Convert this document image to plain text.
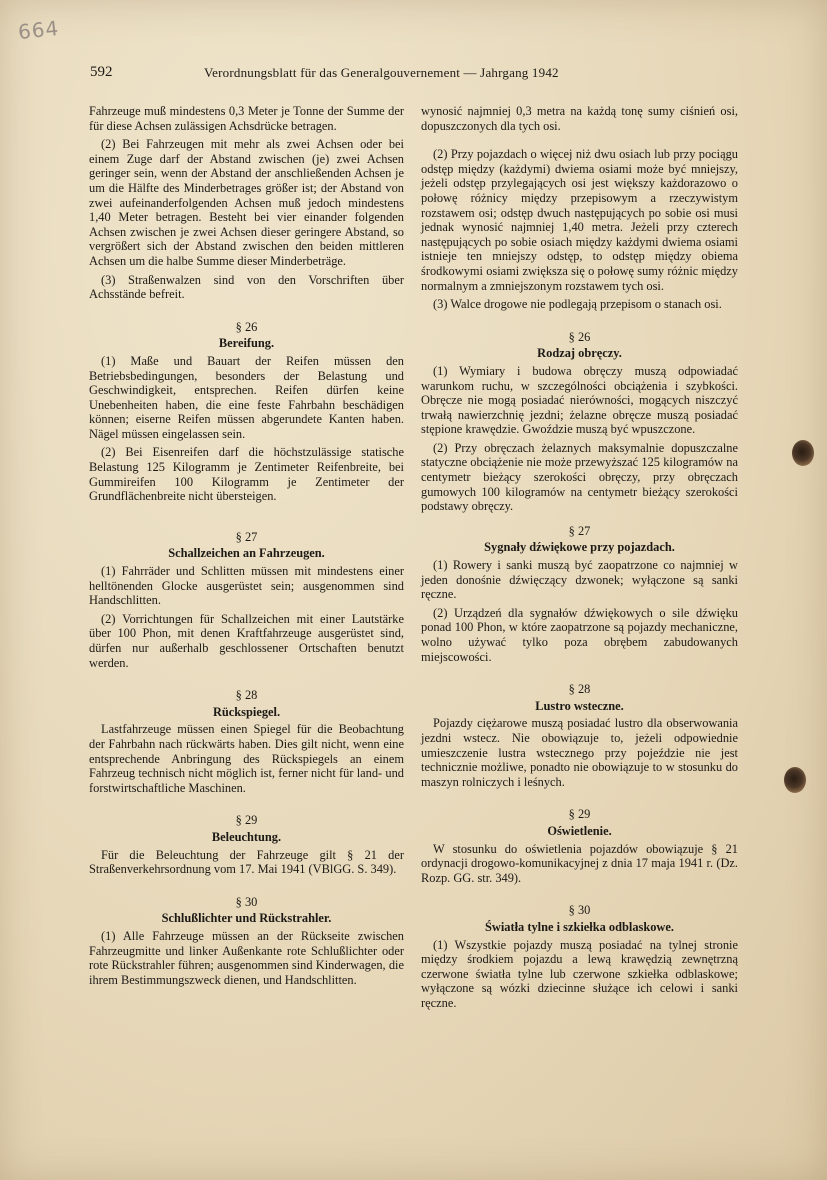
664
592	Verordnungsblatt für das Generalgouvernement — Jahrgang 1942

Fahrzeuge muß mindestens 0,3 Meter je Tonne der Summe der für diese Achsen zulässigen Achsdrücke betragen.

(2) Bei Fahrzeugen mit mehr als zwei Achsen oder bei einem Zuge darf der Abstand zwischen (je) zwei Achsen geringer sein, wenn der Abstand der anschließenden Achsen je um die Hälfte des Minderbetrages größer ist; der Abstand von zwei aufeinanderfolgenden Achsen muß jedoch mindestens 1,40 Meter betragen. Besteht bei vier einander folgenden Achsen zwischen je zwei Achsen dieser geringere Abstand, so vergrößert sich der Abstand zwischen den beiden mittleren Achsen um die halbe Summe dieser Minderbeträge.

(3) Straßenwalzen sind von den Vorschriften über Achsstände befreit.

§ 26
Bereifung.

(1) Maße und Bauart der Reifen müssen den Betriebsbedingungen, besonders der Belastung und Geschwindigkeit, entsprechen. Reifen dürfen keine Unebenheiten haben, die eine feste Fahrbahn beschädigen können; eiserne Reifen müssen abgerundete Kanten haben. Nägel müssen eingelassen sein.

(2) Bei Eisenreifen darf die höchstzulässige statische Belastung 125 Kilogramm je Zentimeter Reifenbreite, bei Gummireifen 100 Kilogramm je Zentimeter der Grundflächenbreite nicht übersteigen.

§ 27
Schallzeichen an Fahrzeugen.

(1) Fahrräder und Schlitten müssen mit mindestens einer helltönenden Glocke ausgerüstet sein; ausgenommen sind Handschlitten.

(2) Vorrichtungen für Schallzeichen mit einer Lautstärke über 100 Phon, mit denen Kraftfahrzeuge ausgerüstet sind, dürfen nur außerhalb geschlossener Ortschaften benutzt werden.

§ 28
Rückspiegel.

Lastfahrzeuge müssen einen Spiegel für die Beobachtung der Fahrbahn nach rückwärts haben. Dies gilt nicht, wenn eine entsprechende Anbringung des Rückspiegels an einem Fahrzeug technisch nicht möglich ist, ferner nicht für land- und forstwirtschaftliche Maschinen.

§ 29
Beleuchtung.

Für die Beleuchtung der Fahrzeuge gilt § 21 der Straßenverkehrsordnung vom 17. Mai 1941 (VBlGG. S. 349).

§ 30
Schlußlichter und Rückstrahler.

(1) Alle Fahrzeuge müssen an der Rückseite zwischen Fahrzeugmitte und linker Außenkante rote Schlußlichter oder rote Rückstrahler führen; ausgenommen sind Kinderwagen, die ihrem Bestimmungszweck dienen, und Handschlitten.

wynosić najmniej 0,3 metra na każdą tonę sumy ciśnień osi, dopuszczonych dla tych osi.

(2) Przy pojazdach o więcej niż dwu osiach lub przy pociągu odstęp między (każdymi) dwiema osiami może być mniejszy, jeżeli odstęp przylegających osi jest większy każdorazowo o połowę różnicy między przepisowym a rzeczywistym rozstawem osi; odstęp dwuch następujących po sobie osi musi jednak wynosić najmniej 1,40 metra. Jeżeli przy czterech następujących po sobie osiach między każdymi dwiema osiami istnieje ten mniejszy odstęp, to odstęp między obiema środkowymi osiami zwiększa się o połowę sumy różnic między normalnym a zmniejszonym rozstawem tych osi.

(3) Walce drogowe nie podlegają przepisom o stanach osi.

§ 26
Rodzaj obręczy.

(1) Wymiary i budowa obręczy muszą odpowiadać warunkom ruchu, w szczególności obciążenia i szybkości. Obręcze nie mogą posiadać nierówności, mogących niszczyć trwałą nawierzchnię jezdni; żelazne obręcze muszą posiadać stępione krawędzie. Gwoździe muszą być wpuszczone.

(2) Przy obręczach żelaznych maksymalnie dopuszczalne statyczne obciążenie nie może przewyższać 125 kilogramów na centymetr bieżący szerokości obręczy, przy obręczach gumowych 100 kilogramów na centymetr bieżący szerokości podstawy obręczy.

§ 27
Sygnały dźwiękowe przy pojazdach.

(1) Rowery i sanki muszą być zaopatrzone co najmniej w jeden donośnie dźwięczący dzwonek; wyłączone są sanki ręczne.

(2) Urządzeń dla sygnałów dźwiękowych o sile dźwięku ponad 100 Phon, w które zaopatrzone są pojazdy mechaniczne, wolno używać tylko poza obrębem zabudowanych miejscowości.

§ 28
Lustro wsteczne.

Pojazdy ciężarowe muszą posiadać lustro dla obserwowania jezdni wstecz. Nie obowiązuje to, jeżeli odpowiednie umieszczenie lustra wstecznego przy pojeździe nie jest technicznie możliwe, ponadto nie obowiązuje to w stosunku do maszyn rolniczych i leśnych.

§ 29
Oświetlenie.

W stosunku do oświetlenia pojazdów obowiązuje § 21 ordynacji drogowo-komunikacyjnej z dnia 17 maja 1941 r. (Dz. Rozp. GG. str. 349).

§ 30
Światła tylne i szkiełka odblaskowe.

(1) Wszystkie pojazdy muszą posiadać na tylnej stronie między środkiem pojazdu a lewą krawędzią zewnętrzną czerwone światła tylne lub czerwone szkiełka odblaskowe; wyłączone są wózki dziecinne służące ich celowi i sanki ręczne.
